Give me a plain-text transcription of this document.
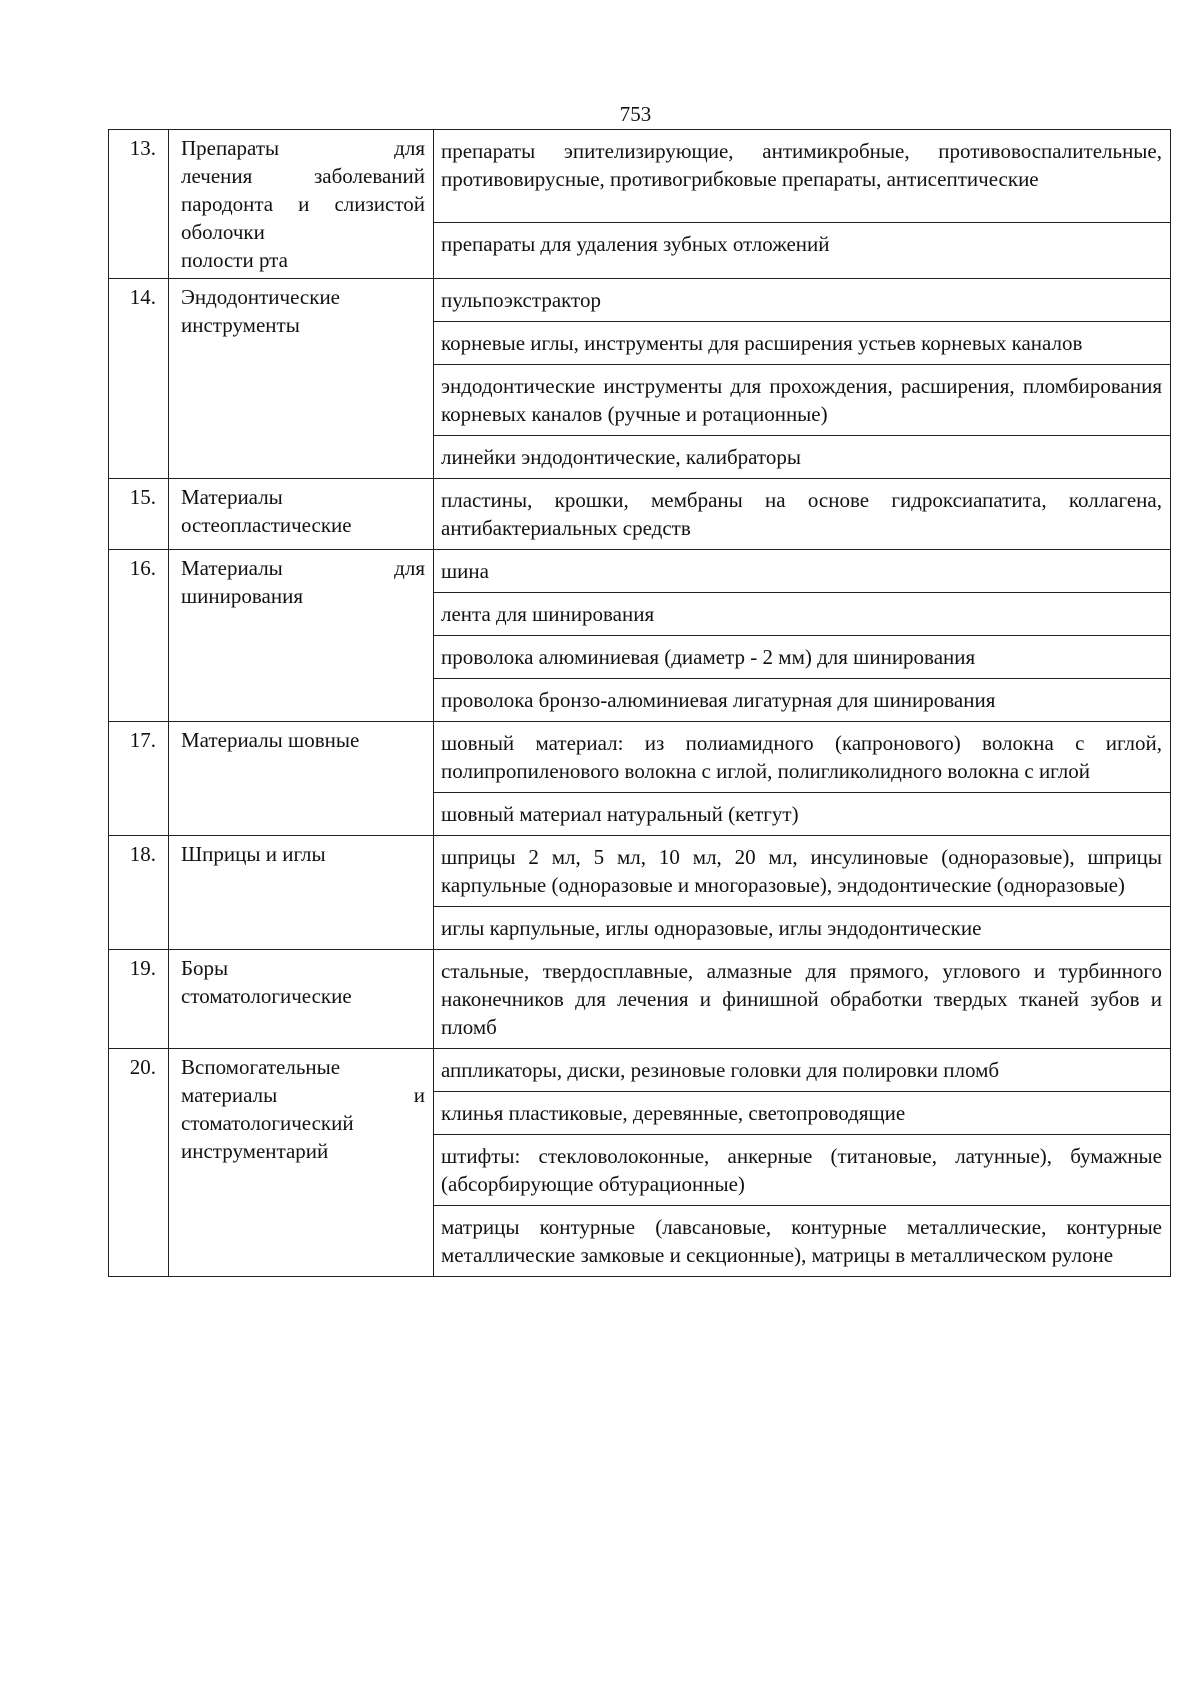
753
13.	Препараты для
лечения заболеваний
пародонта и слизистой
оболочки
полости рта	препараты эпителизирующие, антимикробные, противовоспалительные, противовирусные, противогрибковые препараты, антисептические
		препараты для удаления зубных отложений
14.	Эндодонтические
инструменты	пульпоэкстрактор
		корневые иглы, инструменты для расширения устьев корневых каналов
		эндодонтические инструменты для прохождения, расширения, пломбирования корневых каналов (ручные и ротационные)
		линейки эндодонтические, калибраторы
15.	Материалы
остеопластические	пластины, крошки, мембраны на основе гидроксиапатита, коллагена, антибактериальных средств
16.	Материалы для
шинирования	шина
		лента для шинирования
		проволока алюминиевая (диаметр - 2 мм) для шинирования
		проволока бронзо-алюминиевая лигатурная для шинирования
17.	Материалы шовные	шовный материал: из полиамидного (капронового) волокна с иглой, полипропиленового волокна с иглой, полигликолидного волокна с иглой
		шовный материал натуральный (кетгут)
18.	Шприцы и иглы	шприцы 2 мл, 5 мл, 10 мл, 20 мл, инсулиновые (одноразовые), шприцы карпульные (одноразовые и многоразовые), эндодонтические (одноразовые)
		иглы карпульные, иглы одноразовые, иглы эндодонтические
19.	Боры
стоматологические	стальные, твердосплавные, алмазные для прямого, углового и турбинного наконечников для лечения и финишной обработки твердых тканей зубов и пломб
20.	Вспомогательные
материалы и
стоматологический
инструментарий	аппликаторы, диски, резиновые головки для полировки пломб
		клинья пластиковые, деревянные, светопроводящие
		штифты: стекловолоконные, анкерные (титановые, латунные), бумажные (абсорбирующие обтурационные)
		матрицы контурные (лавсановые, контурные металлические, контурные металлические замковые и секционные), матрицы в металлическом рулоне
